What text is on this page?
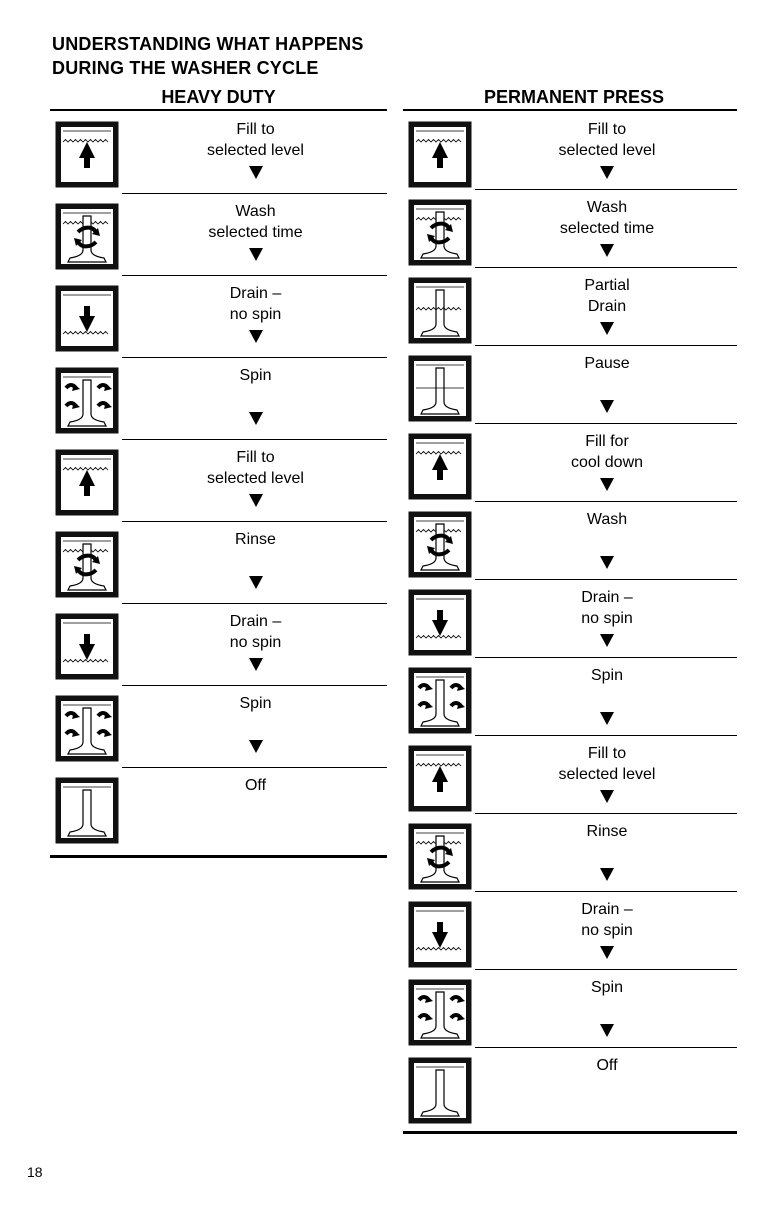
UNDERSTANDING WHAT HAPPENS
DURING THE WASHER CYCLE
HEAVY DUTY
Fill to
selected level
Wash
selected time
Drain –
no spin
Spin
Fill to
selected level
Rinse
Drain –
no spin
Spin
Off
PERMANENT PRESS
Fill to
selected level
Wash
selected time
Partial
Drain
Pause
Fill for
cool down
Wash
Drain –
no spin
Spin
Fill to
selected level
Rinse
Drain –
no spin
Spin
Off
18
